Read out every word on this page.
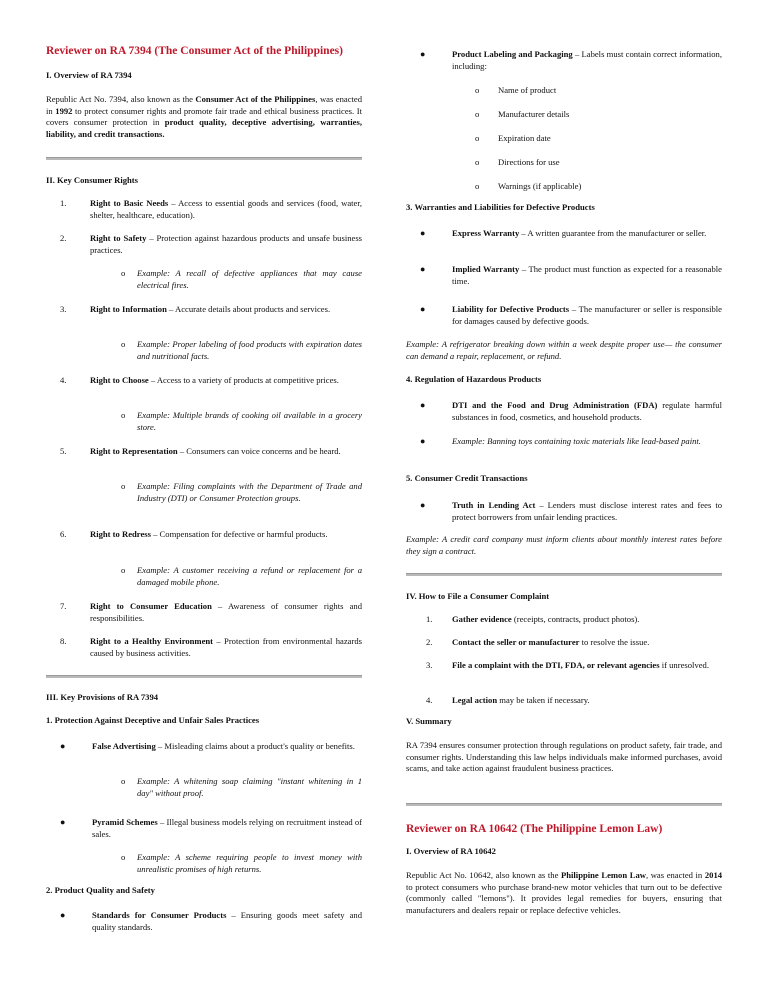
Reviewer on RA 7394 (The Consumer Act of the Philippines)
I. Overview of RA 7394

Republic Act No. 7394, also known as the Consumer Act of the Philippines, was enacted in 1992 to protect consumer rights and promote fair trade and ethical business practices. It covers consumer protection in product quality, deceptive advertising, warranties, liability, and credit transactions.

II. Key Consumer Rights
1.	Right to Basic Needs – Access to essential goods and services (food, water, shelter, healthcare, education).
2.	Right to Safety – Protection against hazardous products and unsafe business practices.
o Example: A recall of defective appliances that may cause electrical fires.
3.	Right to Information – Accurate details about products and services.
o Example: Proper labeling of food products with expiration dates and nutritional facts.
4.	Right to Choose – Access to a variety of products at competitive prices.
o Example: Multiple brands of cooking oil available in a grocery store.
5.	Right to Representation – Consumers can voice concerns and be heard.
o Example: Filing complaints with the Department of Trade and Industry (DTI) or Consumer Protection groups.
6.	Right to Redress – Compensation for defective or harmful products.
o Example: A customer receiving a refund or replacement for a damaged mobile phone.
7.	Right to Consumer Education – Awareness of consumer rights and responsibilities.
8.	Right to a Healthy Environment – Protection from environmental hazards caused by business activities.
III. Key Provisions of RA 7394
1. Protection Against Deceptive and Unfair Sales Practices
●	False Advertising – Misleading claims about a product's quality or benefits.
o Example: A whitening soap claiming "instant whitening in 1 day" without proof.
●	Pyramid Schemes – Illegal business models relying on recruitment instead of sales.
o Example: A scheme requiring people to invest money with unrealistic promises of high returns.
2. Product Quality and Safety
●	Standards for Consumer Products – Ensuring goods meet safety and quality standards.
●	Product Labeling and Packaging – Labels must contain correct information, including:
o Name of product
o Manufacturer details
o Expiration date
o Directions for use
o Warnings (if applicable)
3. Warranties and Liabilities for Defective Products
●	Express Warranty – A written guarantee from the manufacturer or seller.
●	Implied Warranty – The product must function as expected for a reasonable time.
●	Liability for Defective Products – The manufacturer or seller is responsible for damages caused by defective goods.

Example: A refrigerator breaking down within a week despite proper use— the consumer can demand a repair, replacement, or refund.

4. Regulation of Hazardous Products
●	DTI and the Food and Drug Administration (FDA) regulate harmful substances in food, cosmetics, and household products.
●	Example: Banning toys containing toxic materials like lead-based paint.
5. Consumer Credit Transactions
●	Truth in Lending Act – Lenders must disclose interest rates and fees to protect borrowers from unfair lending practices.

Example: A credit card company must inform clients about monthly interest rates before they sign a contract.

IV. How to File a Consumer Complaint
1. Gather evidence (receipts, contracts, product photos).
2. Contact the seller or manufacturer to resolve the issue.
3. File a complaint with the DTI, FDA, or relevant agencies if unresolved.
4. Legal action may be taken if necessary.
V. Summary

RA 7394 ensures consumer protection through regulations on product safety, fair trade, and consumer rights. Understanding this law helps individuals make informed purchases, avoid scams, and take action against fraudulent business practices.

Reviewer on RA 10642 (The Philippine Lemon Law)
I. Overview of RA 10642

Republic Act No. 10642, also known as the Philippine Lemon Law, was enacted in 2014 to protect consumers who purchase brand-new motor vehicles that turn out to be defective (commonly called "lemons"). It provides legal remedies for buyers, ensuring that manufacturers and dealers repair or replace defective vehicles.
